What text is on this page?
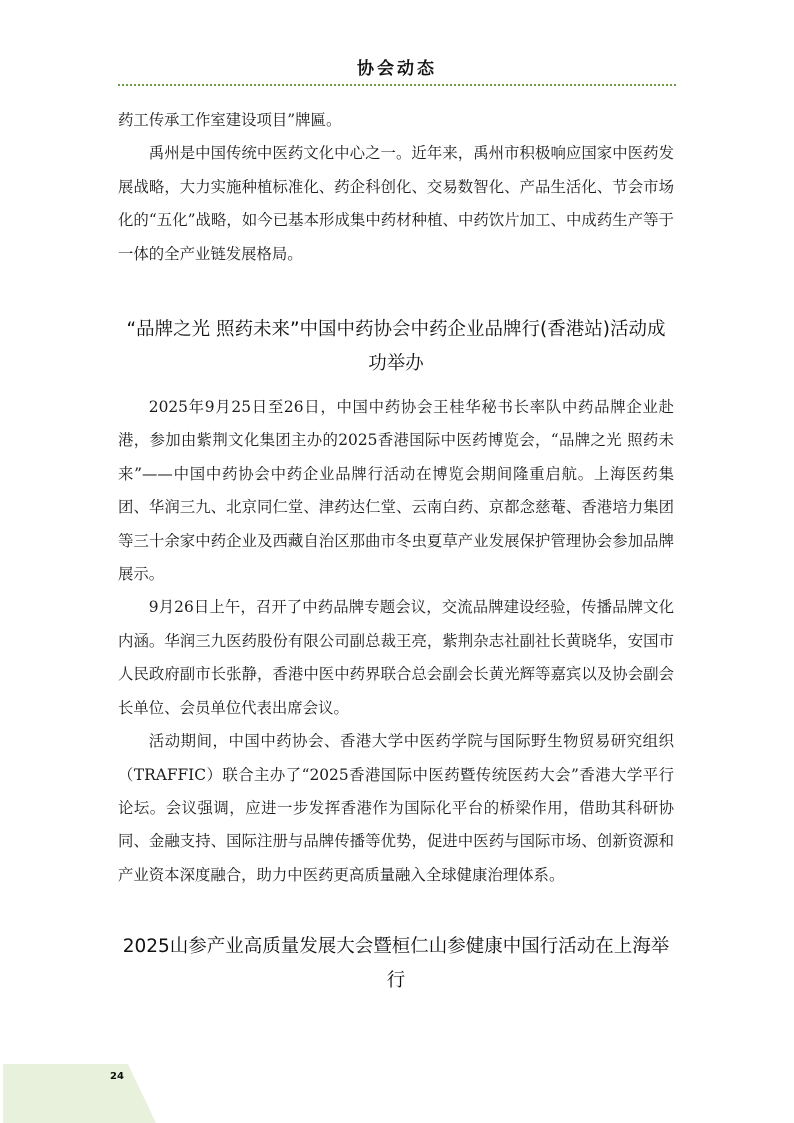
协会动态

药工传承工作室建设项目”牌匾。

禹州是中国传统中医药文化中心之一。近年来，禹州市积极响应国家中医药发展战略，大力实施种植标准化、药企科创化、交易数智化、产品生活化、节会市场化的“五化”战略，如今已基本形成集中药材种植、中药饮片加工、中成药生产等于一体的全产业链发展格局。

“品牌之光 照药未来”中国中药协会中药企业品牌行(香港站)活动成功举办

2025年9月25日至26日，中国中药协会王桂华秘书长率队中药品牌企业赴港，参加由紫荆文化集团主办的2025香港国际中医药博览会，“品牌之光 照药未来”——中国中药协会中药企业品牌行活动在博览会期间隆重启航。上海医药集团、华润三九、北京同仁堂、津药达仁堂、云南白药、京都念慈菴、香港培力集团等三十余家中药企业及西藏自治区那曲市冬虫夏草产业发展保护管理协会参加品牌展示。

9月26日上午，召开了中药品牌专题会议，交流品牌建设经验，传播品牌文化内涵。华润三九医药股份有限公司副总裁王亮，紫荆杂志社副社长黄晓华，安国市人民政府副市长张静，香港中医中药界联合总会副会长黄光辉等嘉宾以及协会副会长单位、会员单位代表出席会议。

活动期间，中国中药协会、香港大学中医药学院与国际野生物贸易研究组织（TRAFFIC）联合主办了“2025香港国际中医药暨传统医药大会”香港大学平行论坛。会议强调，应进一步发挥香港作为国际化平台的桥梁作用，借助其科研协同、金融支持、国际注册与品牌传播等优势，促进中医药与国际市场、创新资源和产业资本深度融合，助力中医药更高质量融入全球健康治理体系。

2025山参产业高质量发展大会暨桓仁山参健康中国行活动在上海举行
24
